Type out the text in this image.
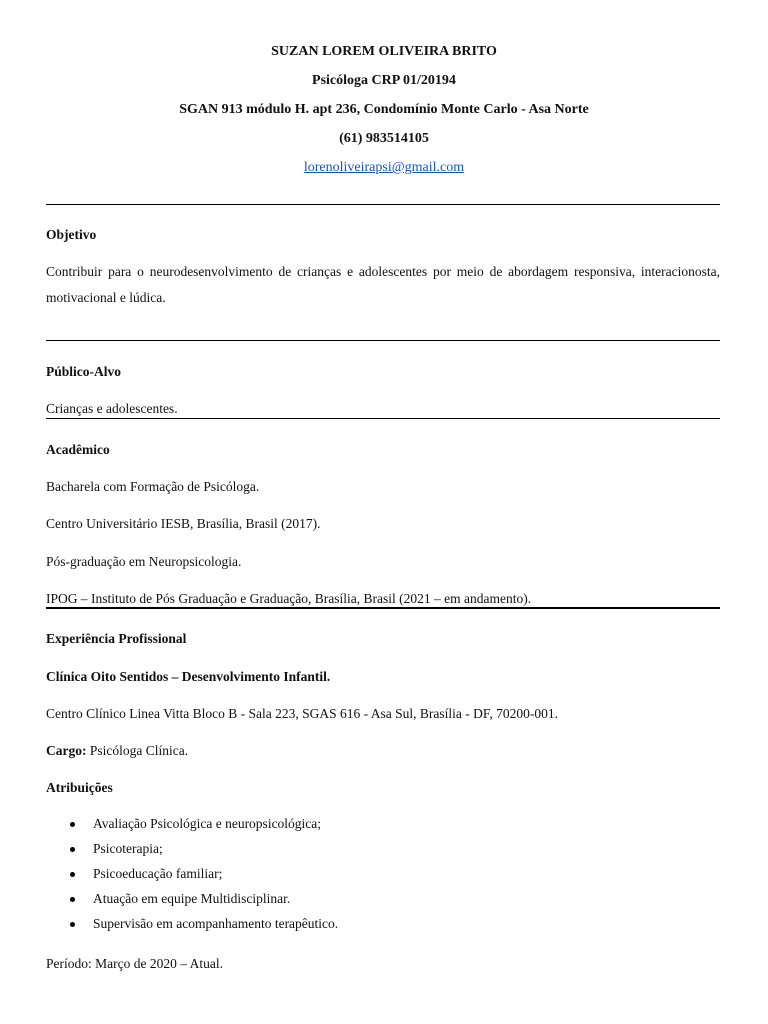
SUZAN LOREM OLIVEIRA BRITO
Psicóloga CRP 01/20194
SGAN 913 módulo H. apt 236, Condomínio Monte Carlo - Asa Norte
(61) 983514105
lorenoliveirapsi@gmail.com
Objetivo
Contribuir para o neurodesenvolvimento de crianças e adolescentes por meio de abordagem responsiva, interacionosta, motivacional e lúdica.
Público-Alvo
Crianças e adolescentes.
Acadêmico
Bacharela com Formação de Psicóloga.
Centro Universitário IESB, Brasília, Brasil (2017).
Pós-graduação em Neuropsicologia.
IPOG – Instituto de Pós Graduação e Graduação, Brasília, Brasil (2021 – em andamento).
Experiência Profissional
Clínica Oito Sentidos – Desenvolvimento Infantil.
Centro Clínico Linea Vitta Bloco B - Sala 223, SGAS 616 - Asa Sul, Brasília - DF, 70200-001.
Cargo: Psicóloga Clínica.
Atribuições
Avaliação Psicológica e neuropsicológica;
Psicoterapia;
Psicoeducação familiar;
Atuação em equipe Multidisciplinar.
Supervisão em acompanhamento terapêutico.
Período: Março de 2020 – Atual.
